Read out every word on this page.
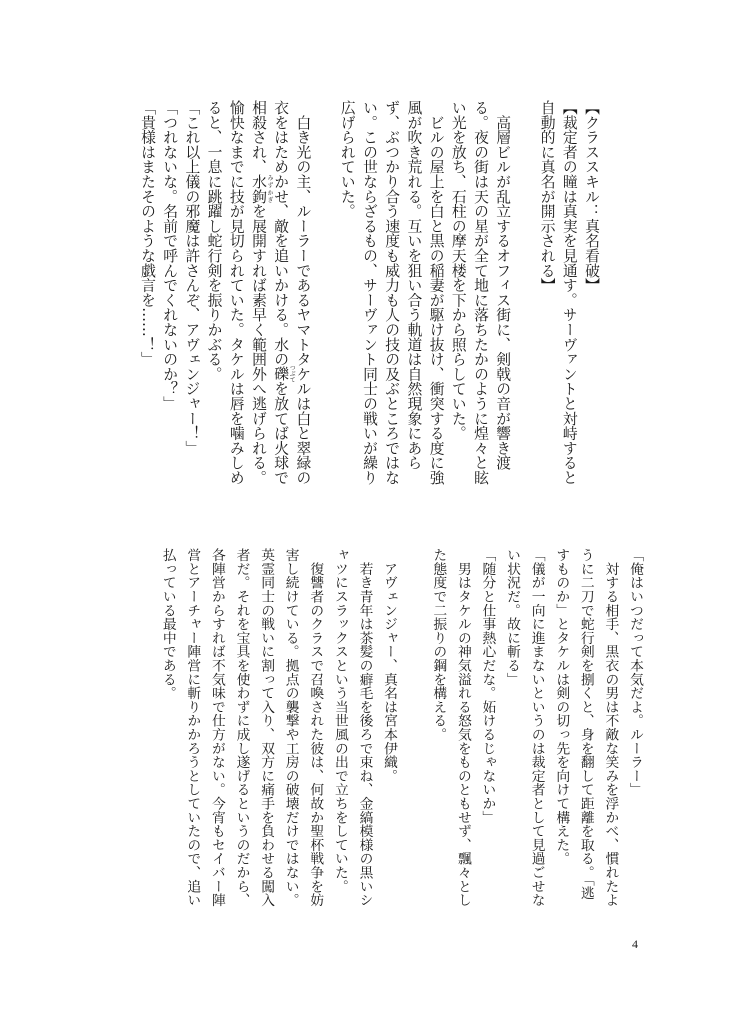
【クラススキル：真名看破】

【裁定者の瞳は真実を見通す。サーヴァントと対峙すると自動的に真名が開示される】

　高層ビルが乱立するオフィス街に、剣戟の音が響き渡る。夜の街は天の星が全て地に落ちたかのように煌々と眩い光を放ち、石柱の摩天楼を下から照らしていた。

　ビルの屋上を白と黒の稲妻が駆け抜け、衝突する度に強風が吹き荒れる。互いを狙い合う軌道は自然現象にあらず、ぶつかり合う速度も威力も人の技の及ぶところではない。この世ならざるもの、サーヴァント同士の戦いが繰り広げられていた。

　白き光の主、ルーラーであるヤマトタケルは白と翠緑の衣をはためかせ、敵を追いかける。水の礫 つぶてを放てば火球で相殺され、水鉤 みずかぎを展開すれば素早く範囲外へ逃げられる。愉快なまでに技が見切られていた。タケルは唇を噛みしめると、一息に跳躍し蛇行剣を振りかぶる。

「これ以上儀の邪魔は許さんぞ、アヴェンジャー！」

「つれないな。名前で呼んでくれないのか？」

「貴様はまたそのような戯言を……！」

「俺はいつだって本気だよ。ルーラー」

　対する相手、黒衣の男は不敵な笑みを浮かべ、慣れたように二刀で蛇行剣を捌くと、身を翻して距離を取る。「逃すものか」とタケルは剣の切っ先を向けて構えた。

「儀が一向に進まないというのは裁定者として見過ごせない状況だ。故に斬る」

「随分と仕事熱心だな。妬けるじゃないか」

　男はタケルの神気溢れる怒気をものともせず、飄々とした態度で二振りの鋼を構える。

　アヴェンジャー、真名は宮本伊織。

　若き青年は茶髪の癖毛を後ろで束ね、金縞模様の黒いシャツにスラックスという当世風の出で立ちをしていた。

　復讐者のクラスで召喚された彼は、何故か聖杯戦争を妨害し続けている。拠点の襲撃や工房の破壊だけではない。英霊同士の戦いに割って入り、双方に痛手を負わせる闖入者だ。それを宝具を使わずに成し遂げるというのだから、各陣営からすれば不気味で仕方がない。今宵もセイバー陣営とアーチャー陣営に斬りかかろうとしていたので、追い払っている最中である。

4
